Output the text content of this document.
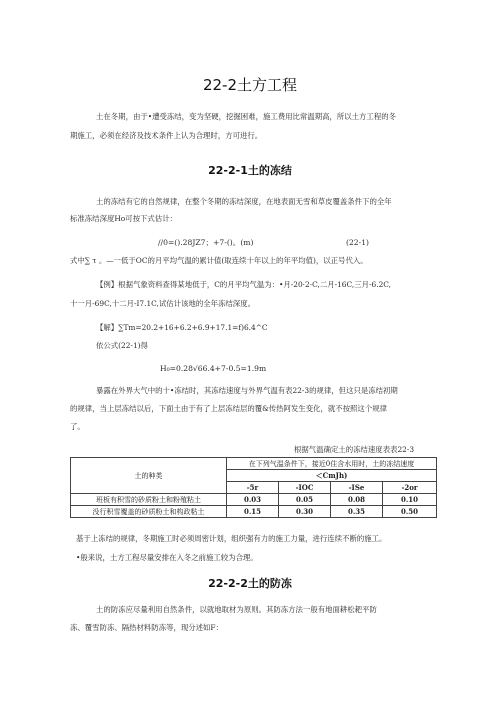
22-2土方工程
土在冬期，由于•遭受冻结，变为坚硬，挖掘困难，施工费用比常温期高，所以土方工程的冬
期施工，必须在经济及技术条件上认为合理时，方可进行。
22-2-1土的冻结
土的冻结有它的自然规律，在整个冬期的冻结深度，在地表面无雪和草皮覆盖条件下的全年
标准冻结深度Ho可按下式估计：
//0=().28JZ7；+7-()。(m)	(22-1)
式中∑ τ 。—一低于OC的月平均气温的累计值(取连续十年以上的年平均值)，以正号代入。
【例】根据气象资料查得某地低于，C的月平均气温为：•月-20·2·C,二月-16C,三月-6.2C,
十一月-69C,十二月-I7.1C,试估计该地的全年冻结深度。
【解】∑Tm=20.2+16+6.2+6.9+17.1=f)6.4^C
依公式(22-1)得
H₀=0.28√66.4+7-0.5=1.9m
暴露在外界大气中的十•冻结时，其冻结速度与外界气温有表22-3的规律，但这只是冻结初期
的规律，当上层冻结以后，下面土由于有了上层冻结层的覆&传热阿发生变化，就不按照这个规律
了。
根据气温确定土的冻结速度表表22-3
土的种类	在下列气温条件下，接近0住含水用时，土的冻结速度			
	＜CmJh)			
	-5r	-IOC	-ISe	-2or
班板有积雪的砂质粉土和粉殖粘土	0.03	0.05	0.08	0.10
没行积雪覆盖的砂质粉土和构政粘土	0.15	0.30	0.35	0.50
基于上冻结的规律，冬期施工时必须周密计划，组织强有力的施工力量，进行连续不断的施工。
•般来说，土方工程尽量安排在入冬之前施工较为合理。
22-2-2土的防冻
土的防冻应尽量利用自然条件，以就地取材为原则。其防冻方法一般有地面耕松耙平防
冻、覆雪防冻、隔热材料防冻等，现分述如F：
